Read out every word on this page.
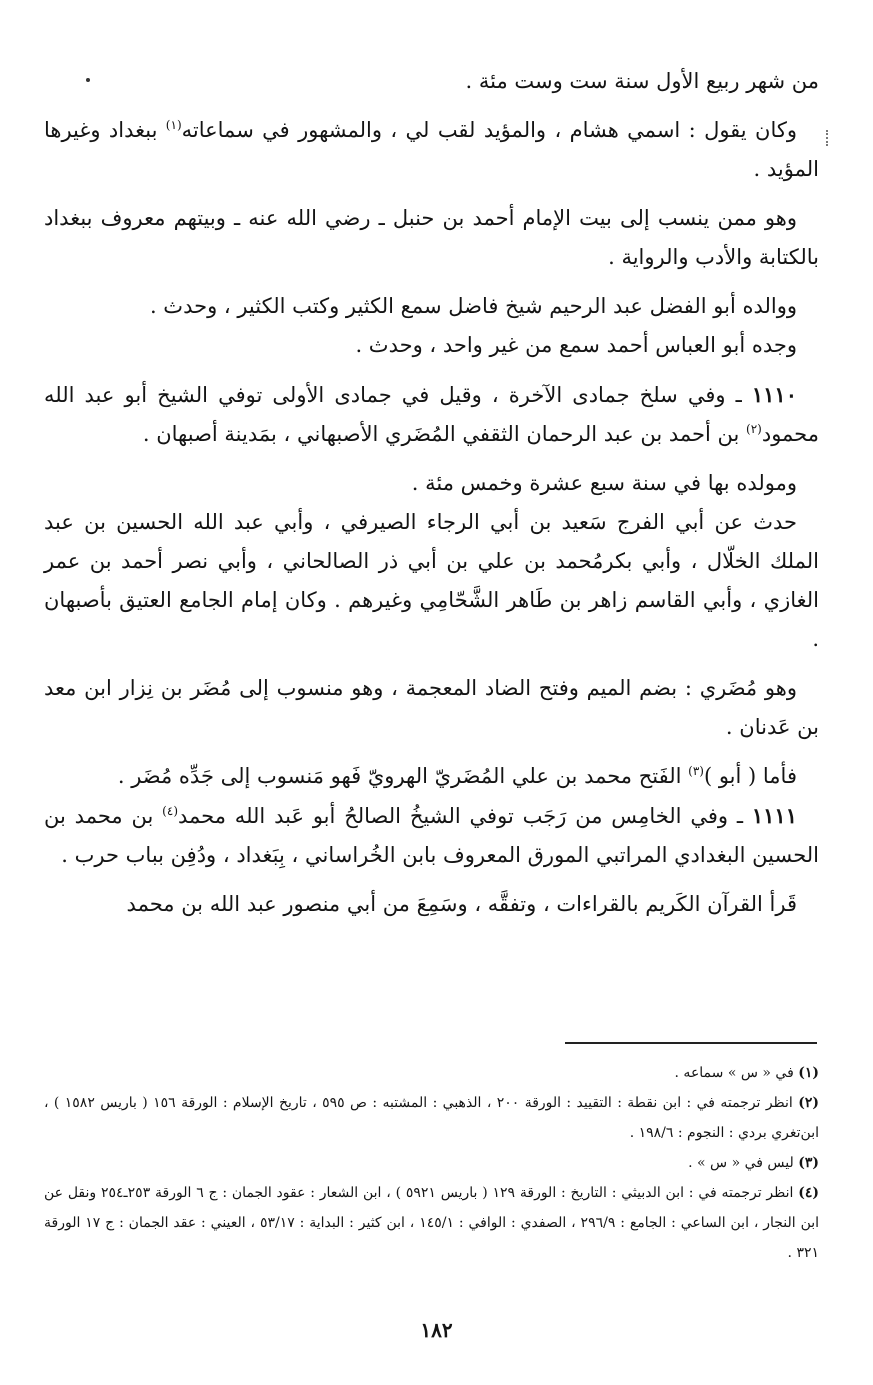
من شهر ربيع الأول سنة ست وست مئة .

وكان يقول : اسمي هشام ، والمؤيد لقب لي ، والمشهور في سماعاته$^{(١)}$ ببغداد وغيرها المؤيد .

وهو ممن ينسب إلى بيت الإمام أحمد بن حنبل ـ رضي الله عنه ـ وبيتهم معروف ببغداد بالكتابة والأدب والرواية .

ووالده أبو الفضل عبد الرحيم شيخ فاضل سمع الكثير وكتب الكثير ، وحدث .

وجده أبو العباس أحمد سمع من غير واحد ، وحدث .

١١١٠ ـ وفي سلخ جمادى الآخرة ، وقيل في جمادى الأولى توفي الشيخ أبو عبد الله محمود$^{(٢)}$ بن أحمد بن عبد الرحمان الثقفي المُضَري الأصبهاني ، بمَدينة أصبهان .

ومولده بها في سنة سبع عشرة وخمس مئة .

حدث عن أبي الفرج سَعيد بن أبي الرجاء الصيرفي ، وأبي عبد الله الحسين بن عبد الملك الخلّال ، وأبي بكرمُحمد بن علي بن أبي ذر الصالحاني ، وأبي نصر أحمد بن عمر الغازي ، وأبي القاسم زاهر بن طَاهر الشَّحّامِي وغيرهم . وكان إمام الجامع العتيق بأصبهان .

وهو مُضَري : بضم الميم وفتح الضاد المعجمة ، وهو منسوب إلى مُضَر بن نِزار ابن معد بن عَدنان .

فأما ( أبو )$^{(٣)}$ الفَتح محمد بن علي المُضَريّ الهرويّ فَهو مَنسوب إلى جَدِّه مُضَر .

١١١١ ـ وفي الخامِس من رَجَب توفي الشيخُ الصالحُ أبو عَبد الله محمد$^{(٤)}$ بن محمد بن الحسين البغدادي المراتبي المورق المعروف بابن الخُراساني ، بِبَغداد ، ودُفِن بباب حرب .

قَرأ القرآن الكَريم بالقراءات ، وتفقَّه ، وسَمِعَ من أبي منصور عبد الله بن محمد

(١) في « س » سماعه .

(٢) انظر ترجمته في : ابن نقطة : التقييد : الورقة ٢٠٠ ، الذهبي : المشتبه : ص ٥٩٥ ، تاريخ الإسلام : الورقة ١٥٦ ( باريس ١٥٨٢ ) ، ابن‌تغري بردي : النجوم : ١٩٨/٦ .

(٣) ليس في « س » .

(٤) انظر ترجمته في : ابن الدبيثي : التاريخ : الورقة ١٢٩ ( باريس ٥٩٢١ ) ، ابن الشعار : عقود الجمان : ج ٦ الورقة ٢٥٣ـ٢٥٤ ونقل عن ابن النجار ، ابن الساعي : الجامع : ٢٩٦/٩ ، الصفدي : الوافي : ١٤٥/١ ، ابن كثير : البداية : ٥٣/١٧ ، العيني : عقد الجمان : ج ١٧ الورقة ٣٢١ .

١٨٢
